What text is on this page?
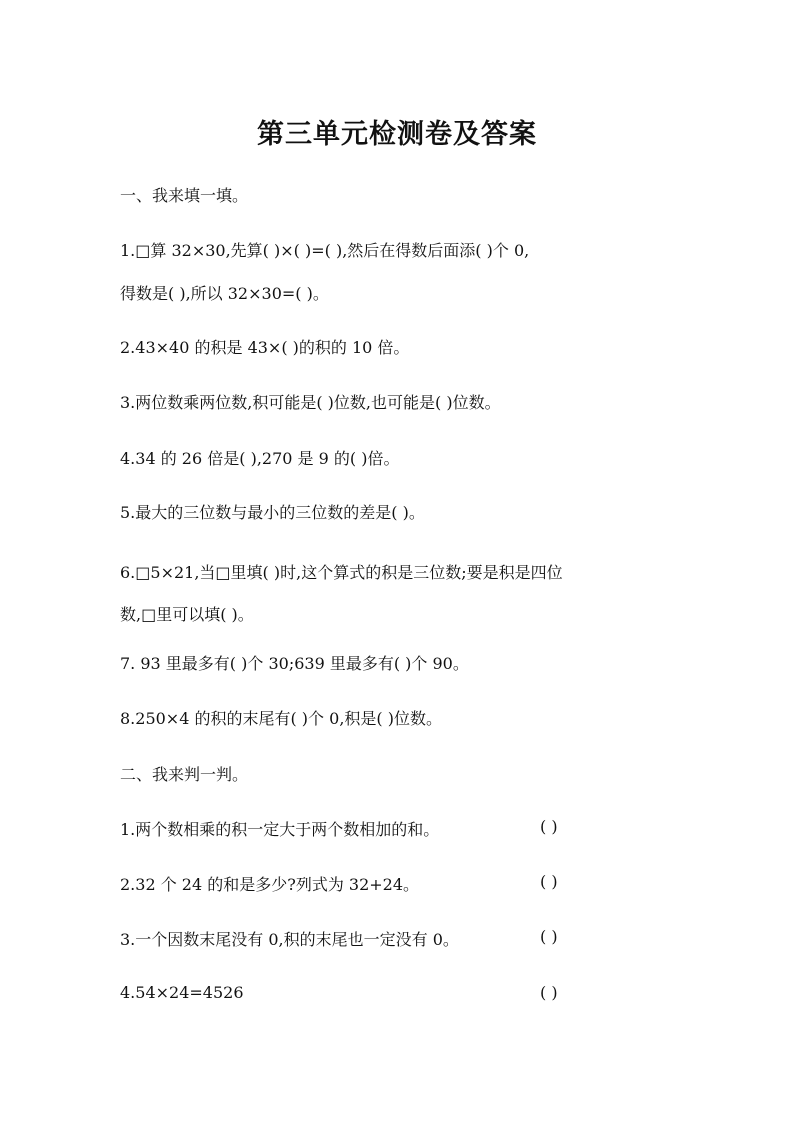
第三单元检测卷及答案
一、我来填一填。
1.□算 32×30,先算( )×( )=( ),然后在得数后面添( )个 0,
得数是( ),所以 32×30=( )。
2.43×40 的积是 43×( )的积的 10 倍。
3.两位数乘两位数,积可能是( )位数,也可能是( )位数。
4.34 的 26 倍是( ),270 是 9 的( )倍。
5.最大的三位数与最小的三位数的差是( )。
6.□5×21,当□里填( )时,这个算式的积是三位数;要是积是四位
数,□里可以填( )。
7. 93 里最多有( )个 30;639 里最多有( )个 90。
8.250×4 的积的末尾有( )个 0,积是( )位数。
二、我来判一判。
1.两个数相乘的积一定大于两个数相加的和。	( )
2.32 个 24 的和是多少?列式为 32+24。	( )
3.一个因数末尾没有 0,积的末尾也一定没有 0。	( )
4.54×24=4526	( )
